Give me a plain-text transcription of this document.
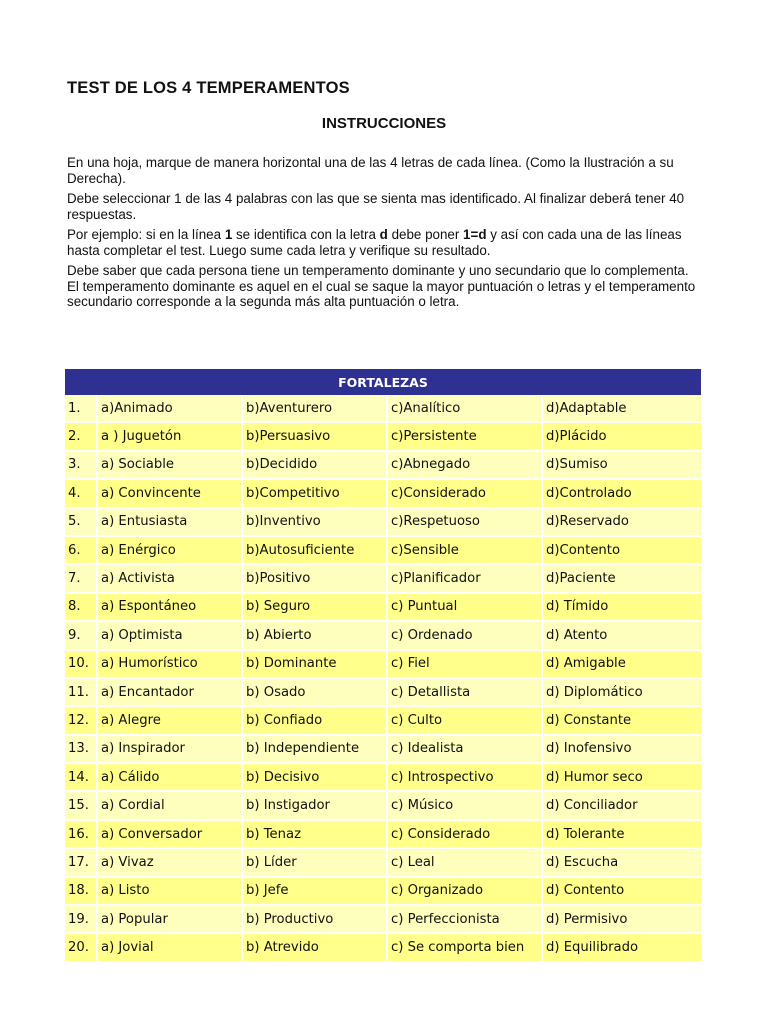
TEST DE LOS 4 TEMPERAMENTOS
INSTRUCCIONES

En una hoja, marque de manera horizontal una de las 4 letras de cada línea. (Como la Ilustración a su Derecha).

Debe seleccionar 1 de las 4 palabras con las que se sienta mas identificado. Al finalizar deberá tener 40 respuestas.

Por ejemplo: si en la línea 1 se identifica con la letra d debe poner 1=d y así con cada una de las líneas hasta completar el test. Luego sume cada letra y verifique su resultado.

Debe saber que cada persona tiene un temperamento dominante y uno secundario que lo complementa. El temperamento dominante es aquel en el cual se saque la mayor puntuación o letras y el temperamento secundario corresponde a la segunda más alta puntuación o letra.

FORTALEZAS				
1.	a)Animado	b)Aventurero	c)Analítico	d)Adaptable
2.	a ) Juguetón	b)Persuasivo	c)Persistente	d)Plácido
3.	a) Sociable	b)Decidido	c)Abnegado	d)Sumiso
4.	a) Convincente	b)Competitivo	c)Considerado	d)Controlado
5.	a) Entusiasta	b)Inventivo	c)Respetuoso	d)Reservado
6.	a) Enérgico	b)Autosuficiente	c)Sensible	d)Contento
7.	a) Activista	b)Positivo	c)Planificador	d)Paciente
8.	a) Espontáneo	b) Seguro	c) Puntual	d) Tímido
9.	a) Optimista	b) Abierto	c) Ordenado	d) Atento
10.	a) Humorístico	b) Dominante	c) Fiel	d) Amigable
11.	a) Encantador	b) Osado	c) Detallista	d) Diplomático
12.	a) Alegre	b) Confiado	c) Culto	d) Constante
13.	a) Inspirador	b) Independiente	c) Idealista	d) Inofensivo
14.	a) Cálido	b) Decisivo	c) Introspectivo	d) Humor seco
15.	a) Cordial	b) Instigador	c) Músico	d) Conciliador
16.	a) Conversador	b) Tenaz	c) Considerado	d) Tolerante
17.	a) Vivaz	b) Líder	c) Leal	d) Escucha
18.	a) Listo	b) Jefe	c) Organizado	d) Contento
19.	a) Popular	b) Productivo	c) Perfeccionista	d) Permisivo
20.	a) Jovial	b) Atrevido	c) Se comporta bien	d) Equilibrado
